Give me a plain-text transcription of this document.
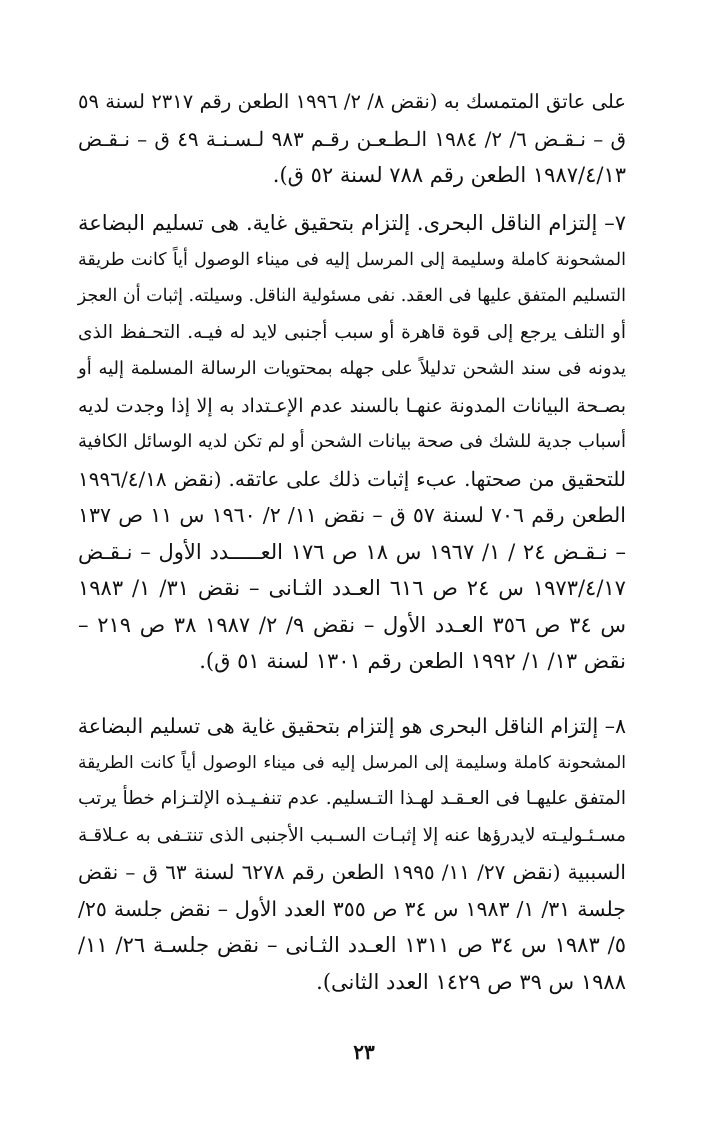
على عاتق المتمسك به (نقض ٨/ ٢/ ١٩٩٦ الطعن رقم ٢٣١٧ لسنة ٥٩
ق – نـقـض ٦/ ٢/ ١٩٨٤ الـطـعـن رقـم ٩٨٣ لـسـنـة ٤٩ ق – نـقـض
١٩٨٧/٤/١٣ الطعن رقم ٧٨٨ لسنة ٥٢ ق).
٧– إلتزام الناقل البحرى. إلتزام بتحقيق غاية. هى تسليم البضاعة
المشحونة كاملة وسليمة إلى المرسل إليه فى ميناء الوصول أياً كانت طريقة
التسليم المتفق عليها فى العقد. نفى مسئولية الناقل. وسيلته. إثبات أن العجز
أو التلف يرجع إلى قوة قاهرة أو سبب أجنبى لايد له فيـه. التحـفظ الذى
يدونه فى سند الشحن تدليلاً على جهله بمحتويات الرسالة المسلمة إليه أو
بصـحة البيانات المدونة عنهـا بالسند عدم الإعـتداد به إلا إذا وجدت لديه
أسباب جدية للشك فى صحة بيانات الشحن أو لم تكن لديه الوسائل الكافية
للتحقيق من صحتها. عبء إثبات ذلك على عاتقه. (نقض ١٩٩٦/٤/١٨
الطعن رقم ٧٠٦ لسنة ٥٧ ق – نقض ١١/ ٢/ ١٩٦٠ س ١١ ص ١٣٧
– نـقـض ٢٤ / ١/ ١٩٦٧ س ١٨ ص ١٧٦ العـــــدد الأول – نـقـض
١٩٧٣/٤/١٧ س ٢٤ ص ٦١٦ العـدد الثـانى – نقض ٣١/ ١/ ١٩٨٣
س ٣٤ ص ٣٥٦ العـدد الأول – نقض ٩/ ٢/ ١٩٨٧ ٣٨ ص ٢١٩ –
نقض ١٣/ ١/ ١٩٩٢ الطعن رقم ١٣٠١ لسنة ٥١ ق).
٨– إلتزام الناقل البحرى هو إلتزام بتحقيق غاية هى تسليم البضاعة
المشحونة كاملة وسليمة إلى المرسل إليه فى ميناء الوصول أياً كانت الطريقة
المتفق عليهـا فى العـقـد لهـذا التـسليم. عدم تنفـيـذه الإلتـزام خطأ يرتب
مسـئـوليـته لايدرؤها عنه إلا إثبـات السـبب الأجنبى الذى تنتـفى به عـلاقـة
السببية (نقض ٢٧/ ١١/ ١٩٩٥ الطعن رقم ٦٢٧٨ لسنة ٦٣ ق – نقض
جلسة ٣١/ ١/ ١٩٨٣ س ٣٤ ص ٣٥٥ العدد الأول – نقض جلسة ٢٥/
٥/ ١٩٨٣ س ٣٤ ص ١٣١١ العـدد الثـانى – نقض جلسـة ٢٦/ ١١/
١٩٨٨ س ٣٩ ص ١٤٢٩ العدد الثانى).
٢٣
